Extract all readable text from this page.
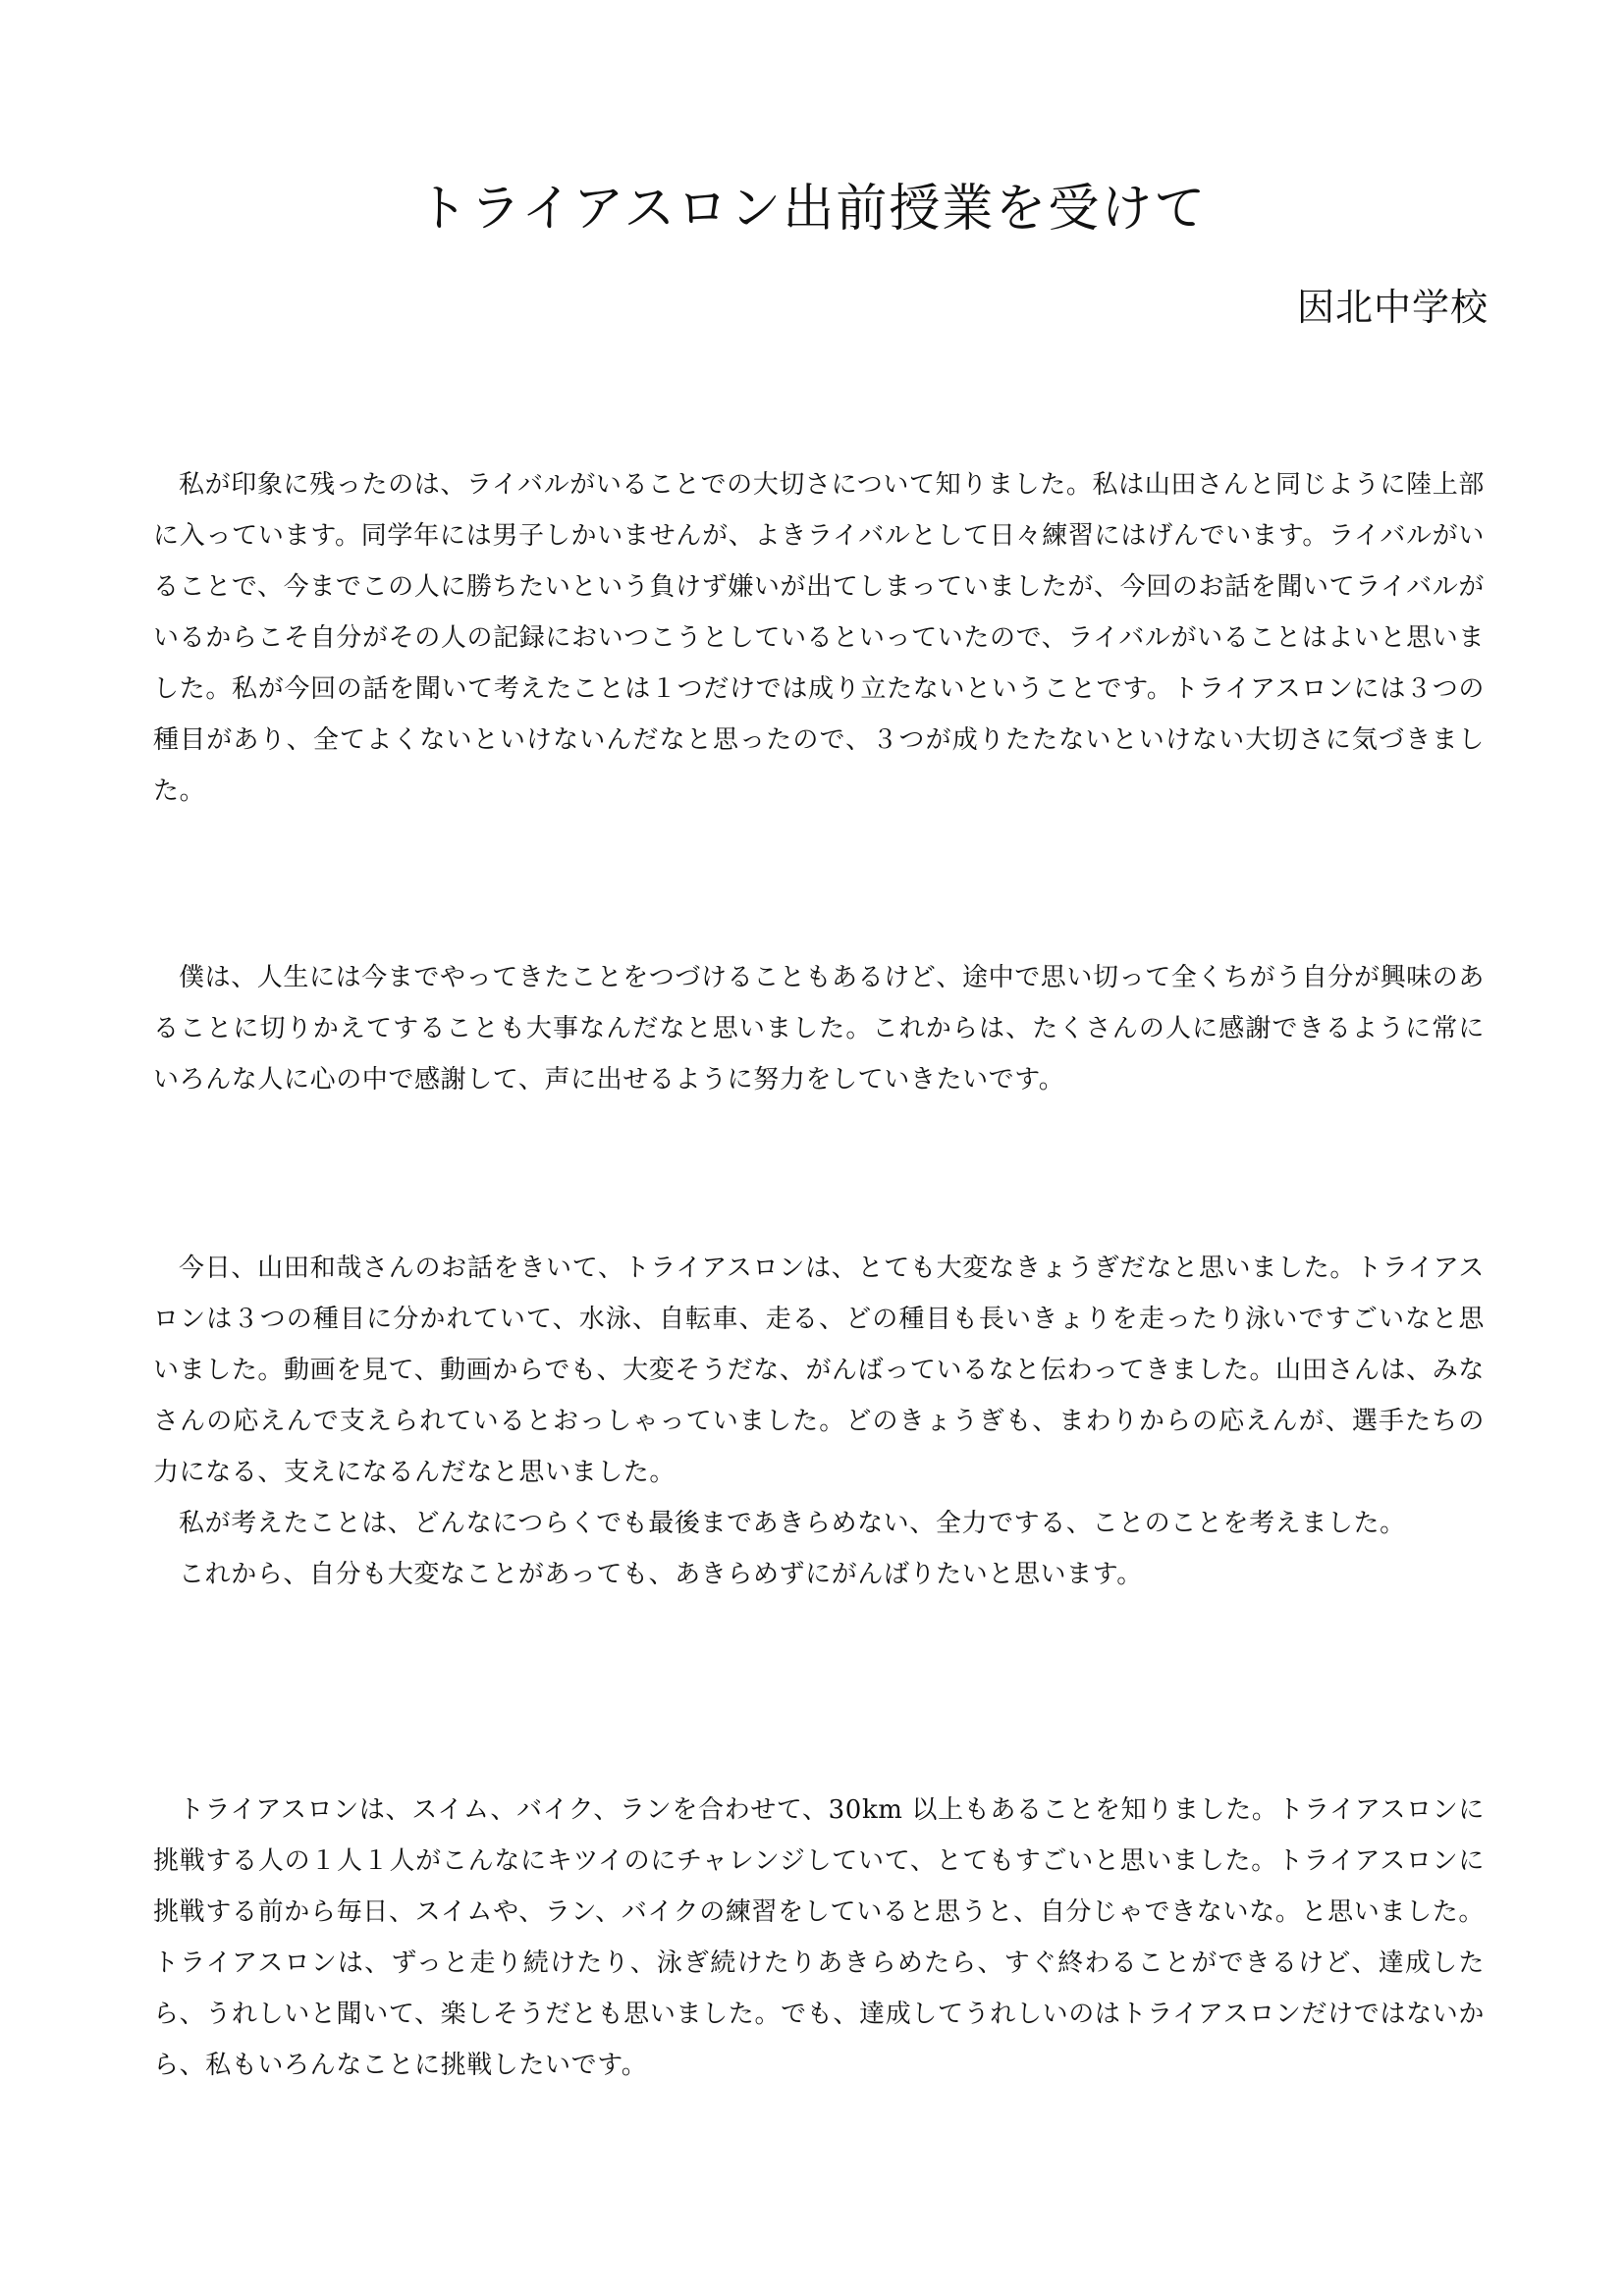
トライアスロン出前授業を受けて
因北中学校

私が印象に残ったのは、ライバルがいることでの大切さについて知りました。私は山田さんと同じように陸上部に入っています。同学年には男子しかいませんが、よきライバルとして日々練習にはげんでいます。ライバルがいることで、今までこの人に勝ちたいという負けず嫌いが出てしまっていましたが、今回のお話を聞いてライバルがいるからこそ自分がその人の記録においつこうとしているといっていたので、ライバルがいることはよいと思いました。私が今回の話を聞いて考えたことは１つだけでは成り立たないということです。トライアスロンには３つの種目があり、全てよくないといけないんだなと思ったので、３つが成りたたないといけない大切さに気づきました。

僕は、人生には今までやってきたことをつづけることもあるけど、途中で思い切って全くちがう自分が興味のあることに切りかえてすることも大事なんだなと思いました。これからは、たくさんの人に感謝できるように常にいろんな人に心の中で感謝して、声に出せるように努力をしていきたいです。

今日、山田和哉さんのお話をきいて、トライアスロンは、とても大変なきょうぎだなと思いました。トライアスロンは３つの種目に分かれていて、水泳、自転車、走る、どの種目も長いきょりを走ったり泳いですごいなと思いました。動画を見て、動画からでも、大変そうだな、がんばっているなと伝わってきました。山田さんは、みなさんの応えんで支えられているとおっしゃっていました。どのきょうぎも、まわりからの応えんが、選手たちの力になる、支えになるんだなと思いました。

私が考えたことは、どんなにつらくでも最後まであきらめない、全力でする、ことのことを考えました。

これから、自分も大変なことがあっても、あきらめずにがんばりたいと思います。

トライアスロンは、スイム、バイク、ランを合わせて、30km 以上もあることを知りました。トライアスロンに挑戦する人の１人１人がこんなにキツイのにチャレンジしていて、とてもすごいと思いました。トライアスロンに挑戦する前から毎日、スイムや、ラン、バイクの練習をしていると思うと、自分じゃできないな。と思いました。トライアスロンは、ずっと走り続けたり、泳ぎ続けたりあきらめたら、すぐ終わることができるけど、達成したら、うれしいと聞いて、楽しそうだとも思いました。でも、達成してうれしいのはトライアスロンだけではないから、私もいろんなことに挑戦したいです。
